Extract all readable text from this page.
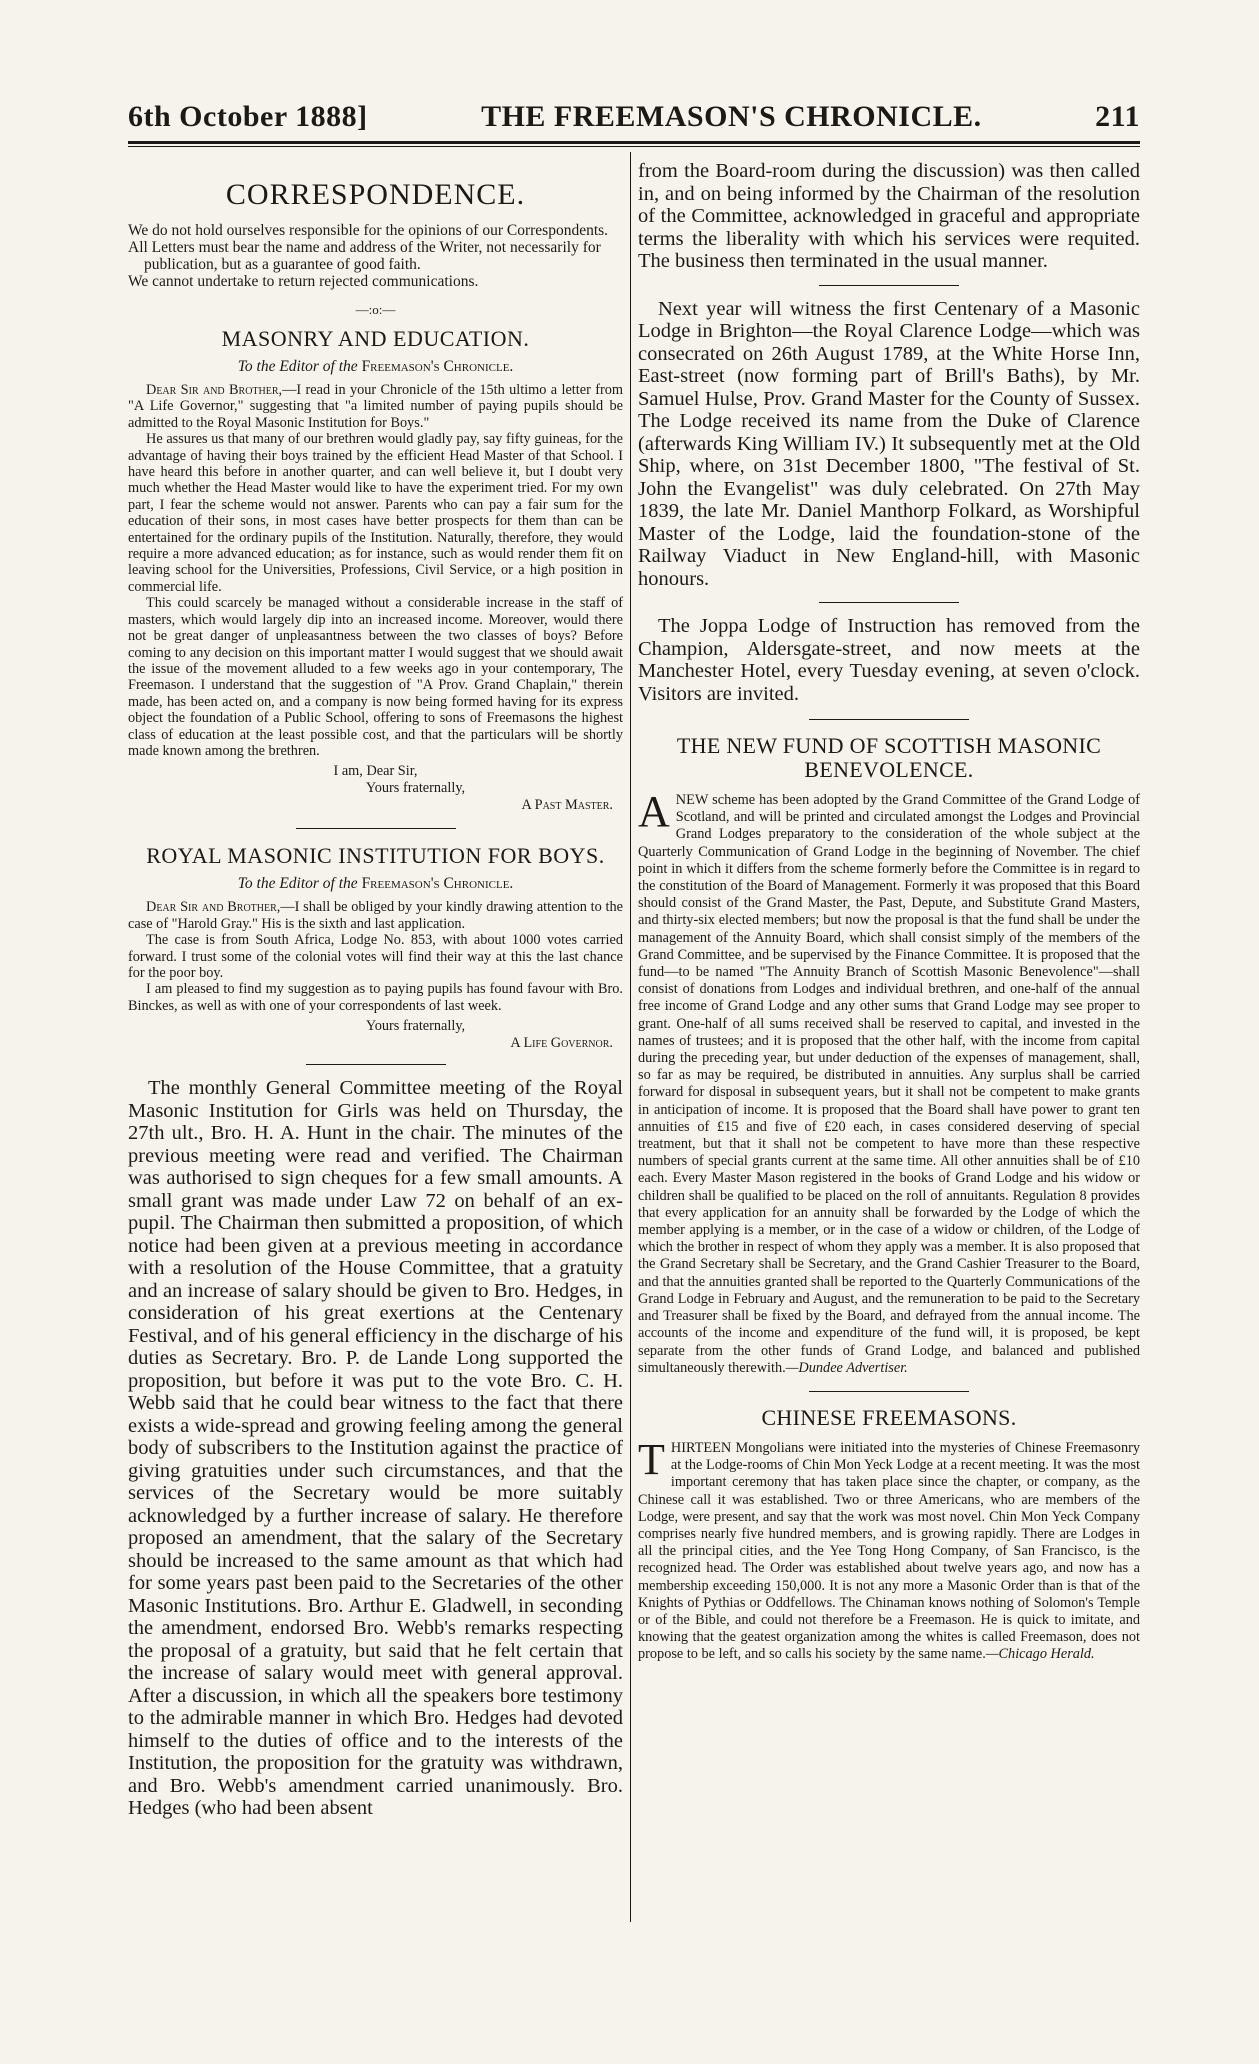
6th October 1888]	THE FREEMASON'S CHRONICLE.	211
CORRESPONDENCE.

We do not hold ourselves responsible for the opinions of our Correspondents.

All Letters must bear the name and address of the Writer, not necessarily for publication, but as a guarantee of good faith.

We cannot undertake to return rejected communications.

—:o:—
MASONRY AND EDUCATION.
To the Editor of the Freemason's Chronicle.

Dear Sir and Brother,—I read in your Chronicle of the 15th ultimo a letter from "A Life Governor," suggesting that "a limited number of paying pupils should be admitted to the Royal Masonic Institution for Boys."

He assures us that many of our brethren would gladly pay, say fifty guineas, for the advantage of having their boys trained by the efficient Head Master of that School. I have heard this before in another quarter, and can well believe it, but I doubt very much whether the Head Master would like to have the experiment tried. For my own part, I fear the scheme would not answer. Parents who can pay a fair sum for the education of their sons, in most cases have better prospects for them than can be entertained for the ordinary pupils of the Institution. Naturally, therefore, they would require a more advanced education; as for instance, such as would render them fit on leaving school for the Universities, Professions, Civil Service, or a high position in commercial life.

This could scarcely be managed without a considerable increase in the staff of masters, which would largely dip into an increased income. Moreover, would there not be great danger of unpleasantness between the two classes of boys? Before coming to any decision on this important matter I would suggest that we should await the issue of the movement alluded to a few weeks ago in your contemporary, The Freemason. I understand that the suggestion of "A Prov. Grand Chaplain," therein made, has been acted on, and a company is now being formed having for its express object the foundation of a Public School, offering to sons of Freemasons the highest class of education at the least possible cost, and that the particulars will be shortly made known among the brethren.

I am, Dear Sir,
Yours fraternally,
A Past Master.
ROYAL MASONIC INSTITUTION FOR BOYS.
To the Editor of the Freemason's Chronicle.

Dear Sir and Brother,—I shall be obliged by your kindly drawing attention to the case of "Harold Gray." His is the sixth and last application.

The case is from South Africa, Lodge No. 853, with about 1000 votes carried forward. I trust some of the colonial votes will find their way at this the last chance for the poor boy.

I am pleased to find my suggestion as to paying pupils has found favour with Bro. Binckes, as well as with one of your correspondents of last week.

Yours fraternally,
A Life Governor.

The monthly General Committee meeting of the Royal Masonic Institution for Girls was held on Thursday, the 27th ult., Bro. H. A. Hunt in the chair. The minutes of the previous meeting were read and verified. The Chairman was authorised to sign cheques for a few small amounts. A small grant was made under Law 72 on behalf of an ex-pupil. The Chairman then submitted a proposition, of which notice had been given at a previous meeting in accordance with a resolution of the House Committee, that a gratuity and an increase of salary should be given to Bro. Hedges, in consideration of his great exertions at the Centenary Festival, and of his general efficiency in the discharge of his duties as Secretary. Bro. P. de Lande Long supported the proposition, but before it was put to the vote Bro. C. H. Webb said that he could bear witness to the fact that there exists a wide-spread and growing feeling among the general body of subscribers to the Institution against the practice of giving gratuities under such circumstances, and that the services of the Secretary would be more suitably acknowledged by a further increase of salary. He therefore proposed an amendment, that the salary of the Secretary should be increased to the same amount as that which had for some years past been paid to the Secretaries of the other Masonic Institutions. Bro. Arthur E. Gladwell, in seconding the amendment, endorsed Bro. Webb's remarks respecting the proposal of a gratuity, but said that he felt certain that the increase of salary would meet with general approval. After a discussion, in which all the speakers bore testimony to the admirable manner in which Bro. Hedges had devoted himself to the duties of office and to the interests of the Institution, the proposition for the gratuity was withdrawn, and Bro. Webb's amendment carried unanimously. Bro. Hedges (who had been absent

from the Board-room during the discussion) was then called in, and on being informed by the Chairman of the resolution of the Committee, acknowledged in graceful and appropriate terms the liberality with which his services were requited. The business then terminated in the usual manner.

Next year will witness the first Centenary of a Masonic Lodge in Brighton—the Royal Clarence Lodge—which was consecrated on 26th August 1789, at the White Horse Inn, East-street (now forming part of Brill's Baths), by Mr. Samuel Hulse, Prov. Grand Master for the County of Sussex. The Lodge received its name from the Duke of Clarence (afterwards King William IV.) It subsequently met at the Old Ship, where, on 31st December 1800, "The festival of St. John the Evangelist" was duly celebrated. On 27th May 1839, the late Mr. Daniel Manthorp Folkard, as Worshipful Master of the Lodge, laid the foundation-stone of the Railway Viaduct in New England-hill, with Masonic honours.

The Joppa Lodge of Instruction has removed from the Champion, Aldersgate-street, and now meets at the Manchester Hotel, every Tuesday evening, at seven o'clock. Visitors are invited.

THE NEW FUND OF SCOTTISH MASONIC
BENEVOLENCE.

ANEW scheme has been adopted by the Grand Committee of the Grand Lodge of Scotland, and will be printed and circulated amongst the Lodges and Provincial Grand Lodges preparatory to the consideration of the whole subject at the Quarterly Communication of Grand Lodge in the beginning of November. The chief point in which it differs from the scheme formerly before the Committee is in regard to the constitution of the Board of Management. Formerly it was proposed that this Board should consist of the Grand Master, the Past, Depute, and Substitute Grand Masters, and thirty-six elected members; but now the proposal is that the fund shall be under the management of the Annuity Board, which shall consist simply of the members of the Grand Committee, and be supervised by the Finance Committee. It is proposed that the fund—to be named "The Annuity Branch of Scottish Masonic Benevolence"—shall consist of donations from Lodges and individual brethren, and one-half of the annual free income of Grand Lodge and any other sums that Grand Lodge may see proper to grant. One-half of all sums received shall be reserved to capital, and invested in the names of trustees; and it is proposed that the other half, with the income from capital during the preceding year, but under deduction of the expenses of management, shall, so far as may be required, be distributed in annuities. Any surplus shall be carried forward for disposal in subsequent years, but it shall not be competent to make grants in anticipation of income. It is proposed that the Board shall have power to grant ten annuities of £15 and five of £20 each, in cases considered deserving of special treatment, but that it shall not be competent to have more than these respective numbers of special grants current at the same time. All other annuities shall be of £10 each. Every Master Mason registered in the books of Grand Lodge and his widow or children shall be qualified to be placed on the roll of annuitants. Regulation 8 provides that every application for an annuity shall be forwarded by the Lodge of which the member applying is a member, or in the case of a widow or children, of the Lodge of which the brother in respect of whom they apply was a member. It is also proposed that the Grand Secretary shall be Secretary, and the Grand Cashier Treasurer to the Board, and that the annuities granted shall be reported to the Quarterly Communications of the Grand Lodge in February and August, and the remuneration to be paid to the Secretary and Treasurer shall be fixed by the Board, and defrayed from the annual income. The accounts of the income and expenditure of the fund will, it is proposed, be kept separate from the other funds of Grand Lodge, and balanced and published simultaneously therewith.—Dundee Advertiser.

CHINESE FREEMASONS.

THIRTEEN Mongolians were initiated into the mysteries of Chinese Freemasonry at the Lodge-rooms of Chin Mon Yeck Lodge at a recent meeting. It was the most important ceremony that has taken place since the chapter, or company, as the Chinese call it was established. Two or three Americans, who are members of the Lodge, were present, and say that the work was most novel. Chin Mon Yeck Company comprises nearly five hundred members, and is growing rapidly. There are Lodges in all the principal cities, and the Yee Tong Hong Company, of San Francisco, is the recognized head. The Order was established about twelve years ago, and now has a membership exceeding 150,000. It is not any more a Masonic Order than is that of the Knights of Pythias or Oddfellows. The Chinaman knows nothing of Solomon's Temple or of the Bible, and could not therefore be a Freemason. He is quick to imitate, and knowing that the geatest organization among the whites is called Freemason, does not propose to be left, and so calls his society by the same name.—Chicago Herald.
